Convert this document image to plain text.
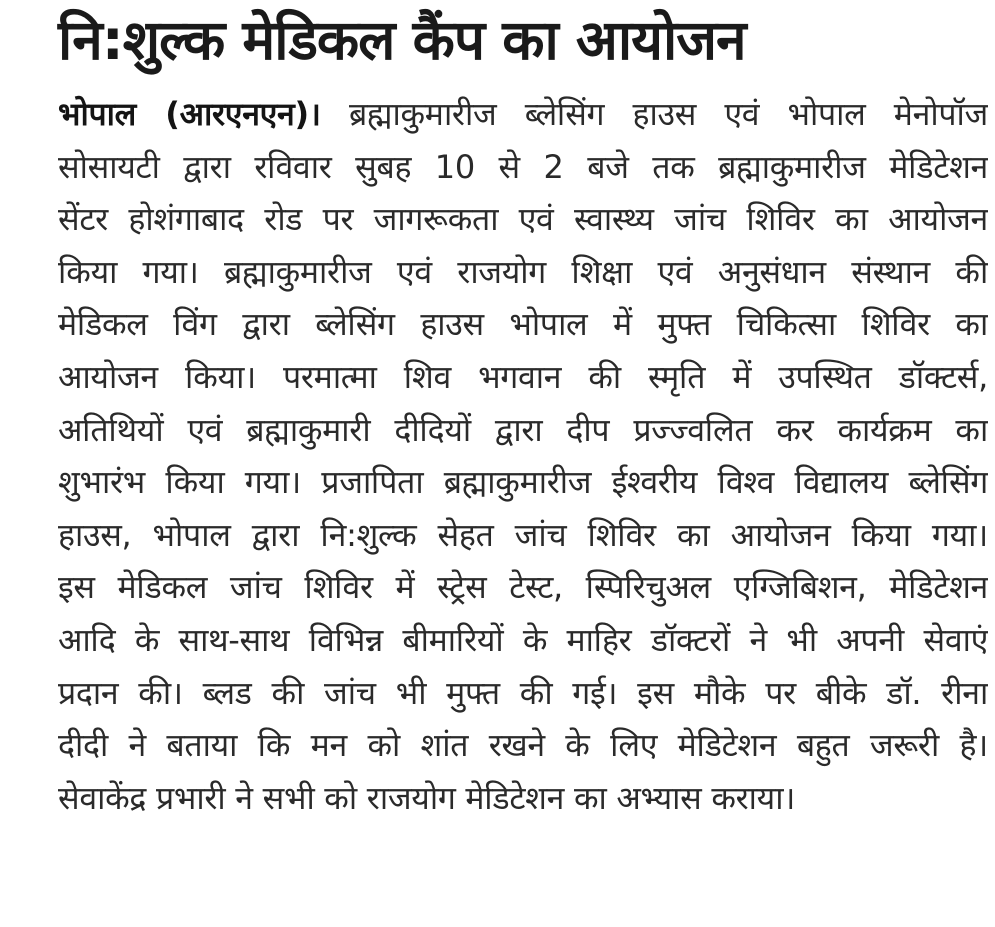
नि:शुल्क मेडिकल कैंप का आयोजन
भोपाल (आरएनएन)। ब्रह्माकुमारीज ब्लेसिंग हाउस एवं भोपाल मेनोपॉज
सोसायटी द्वारा रविवार सुबह 10 से 2 बजे तक ब्रह्माकुमारीज मेडिटेशन
सेंटर होशंगाबाद रोड पर जागरूकता एवं स्वास्थ्य जांच शिविर का आयोजन
किया गया। ब्रह्माकुमारीज एवं राजयोग शिक्षा एवं अनुसंधान संस्थान की
मेडिकल विंग द्वारा ब्लेसिंग हाउस भोपाल में मुफ्त चिकित्सा शिविर का
आयोजन किया। परमात्मा शिव भगवान की स्मृति में उपस्थित डॉक्टर्स,
अतिथियों एवं ब्रह्माकुमारी दीदियों द्वारा दीप प्रज्ज्वलित कर कार्यक्रम का
शुभारंभ किया गया। प्रजापिता ब्रह्माकुमारीज ईश्वरीय विश्व विद्यालय ब्लेसिंग
हाउस, भोपाल द्वारा नि:शुल्क सेहत जांच शिविर का आयोजन किया गया।
इस मेडिकल जांच शिविर में स्ट्रेस टेस्ट, स्पिरिचुअल एग्जिबिशन, मेडिटेशन
आदि के साथ-साथ विभिन्न बीमारियों के माहिर डॉक्टरों ने भी अपनी सेवाएं
प्रदान की। ब्लड की जांच भी मुफ्त की गई। इस मौके पर बीके डॉ. रीना
दीदी ने बताया कि मन को शांत रखने के लिए मेडिटेशन बहुत जरूरी है।
सेवाकेंद्र प्रभारी ने सभी को राजयोग मेडिटेशन का अभ्यास कराया।
